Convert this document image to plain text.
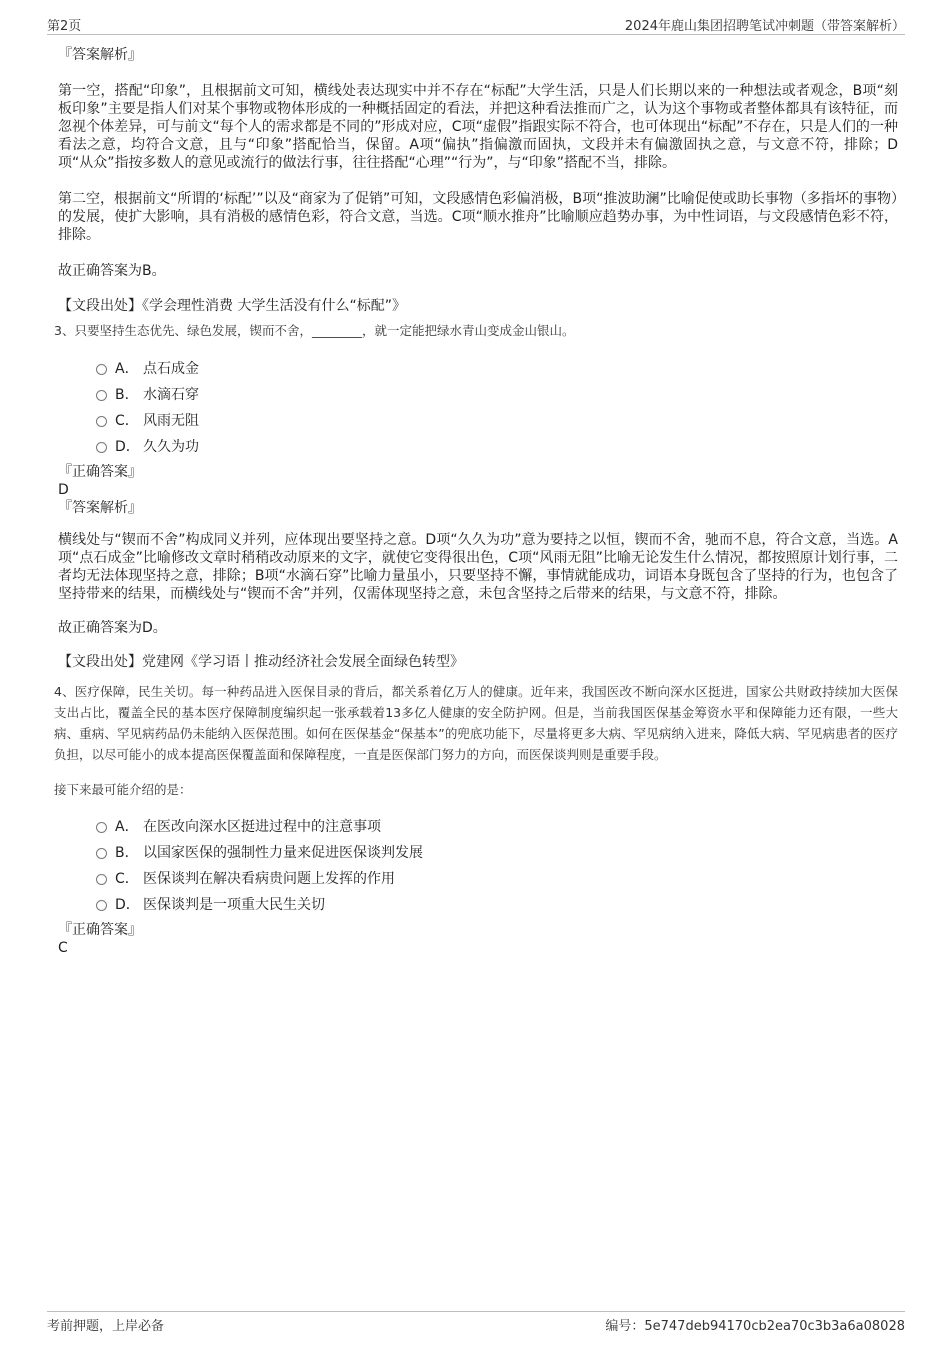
第2页	2024年鹿山集团招聘笔试冲刺题（带答案解析）

『答案解析』

第一空，搭配“印象”，且根据前文可知，横线处表达现实中并不存在“标配”大学生活，只是人们长期以来的一种想法或者观念，B项“刻板印象”主要是指人们对某个事物或物体形成的一种概括固定的看法，并把这种看法推而广之，认为这个事物或者整体都具有该特征，而忽视个体差异，可与前文“每个人的需求都是不同的”形成对应，C项“虚假”指跟实际不符合，也可体现出“标配”不存在，只是人们的一种看法之意，均符合文意，且与“印象”搭配恰当，保留。A项“偏执”指偏激而固执，文段并未有偏激固执之意，与文意不符，排除；D项“从众”指按多数人的意见或流行的做法行事，往往搭配“心理”“行为”，与“印象”搭配不当，排除。

第二空，根据前文“所谓的‘标配’”以及“商家为了促销”可知，文段感情色彩偏消极，B项“推波助澜”比喻促使或助长事物（多指坏的事物）的发展，使扩大影响，具有消极的感情色彩，符合文意，当选。C项“顺水推舟”比喻顺应趋势办事，为中性词语，与文段感情色彩不符，排除。

故正确答案为B。

【文段出处】《学会理性消费 大学生活没有什么“标配”》

3、只要坚持生态优先、绿色发展，锲而不舍，________，就一定能把绿水青山变成金山银山。

A． 点石成金
B． 水滴石穿
C． 风雨无阻
D． 久久为功

『正确答案』

D

『答案解析』

横线处与“锲而不舍”构成同义并列，应体现出要坚持之意。D项“久久为功”意为要持之以恒，锲而不舍，驰而不息，符合文意，当选。A项“点石成金”比喻修改文章时稍稍改动原来的文字，就使它变得很出色，C项“风雨无阻”比喻无论发生什么情况，都按照原计划行事，二者均无法体现坚持之意，排除；B项“水滴石穿”比喻力量虽小，只要坚持不懈，事情就能成功，词语本身既包含了坚持的行为，也包含了坚持带来的结果，而横线处与“锲而不舍”并列，仅需体现坚持之意，未包含坚持之后带来的结果，与文意不符，排除。

故正确答案为D。

【文段出处】党建网《学习语丨推动经济社会发展全面绿色转型》

4、医疗保障，民生关切。每一种药品进入医保目录的背后，都关系着亿万人的健康。近年来，我国医改不断向深水区挺进，国家公共财政持续加大医保支出占比，覆盖全民的基本医疗保障制度编织起一张承载着13多亿人健康的安全防护网。但是，当前我国医保基金筹资水平和保障能力还有限，一些大病、重病、罕见病药品仍未能纳入医保范围。如何在医保基金“保基本”的兜底功能下，尽量将更多大病、罕见病纳入进来，降低大病、罕见病患者的医疗负担，以尽可能小的成本提高医保覆盖面和保障程度，一直是医保部门努力的方向，而医保谈判则是重要手段。

接下来最可能介绍的是：

A． 在医改向深水区挺进过程中的注意事项
B． 以国家医保的强制性力量来促进医保谈判发展
C． 医保谈判在解决看病贵问题上发挥的作用
D． 医保谈判是一项重大民生关切

『正确答案』

C

考前押题，上岸必备	编号：5e747deb94170cb2ea70c3b3a6a08028
